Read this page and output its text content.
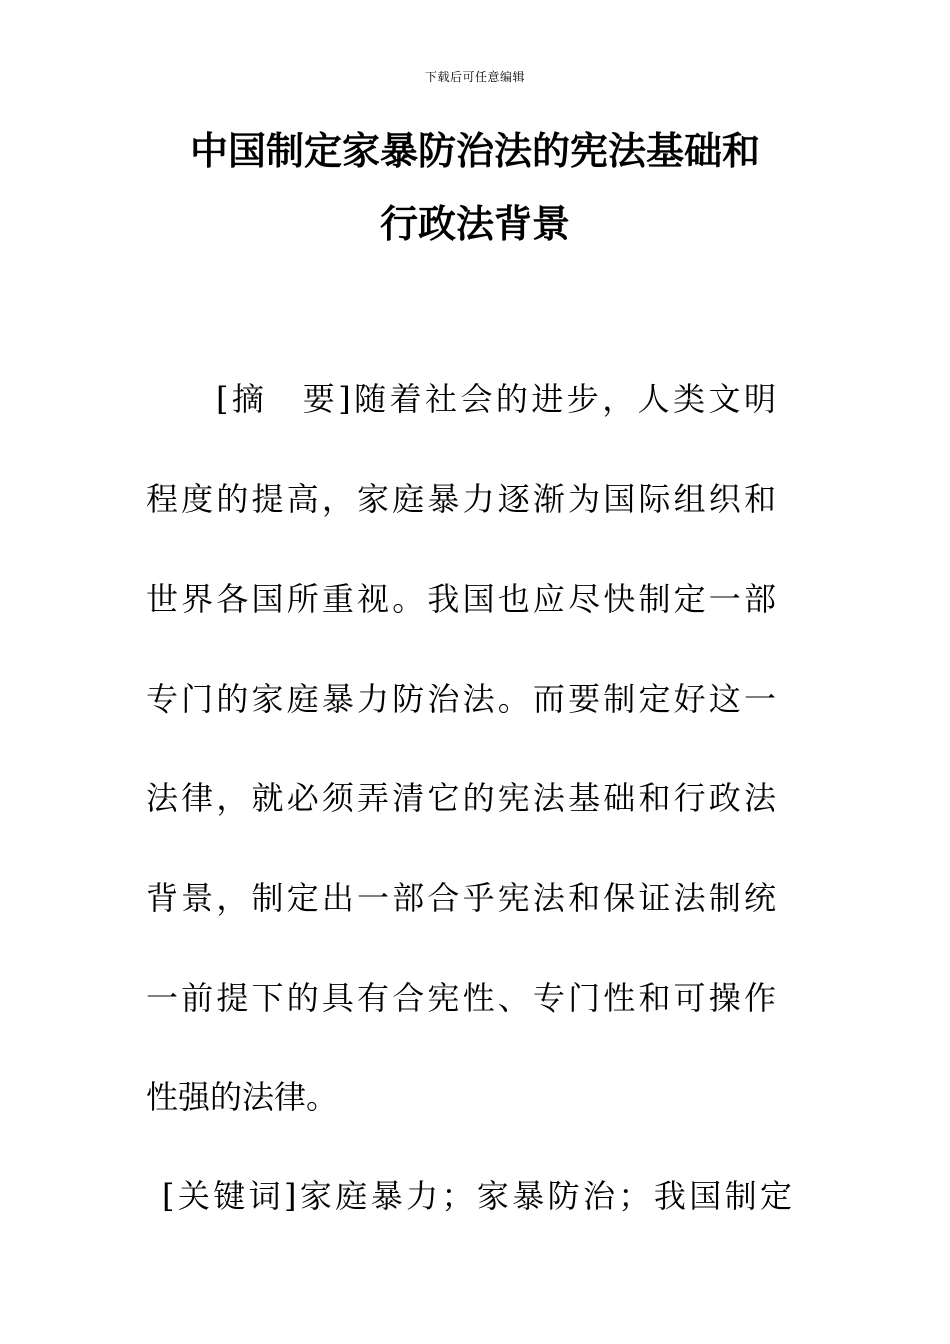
下载后可任意编辑
中国制定家暴防治法的宪法基础和
行政法背景
[摘　要]随着社会的进步，人类文明
程度的提高，家庭暴力逐渐为国际组织和
世界各国所重视。我国也应尽快制定一部
专门的家庭暴力防治法。而要制定好这一
法律，就必须弄清它的宪法基础和行政法
背景，制定出一部合乎宪法和保证法制统
一前提下的具有合宪性、专门性和可操作
性强的法律。
[关键词]家庭暴力；家暴防治；我国制定
